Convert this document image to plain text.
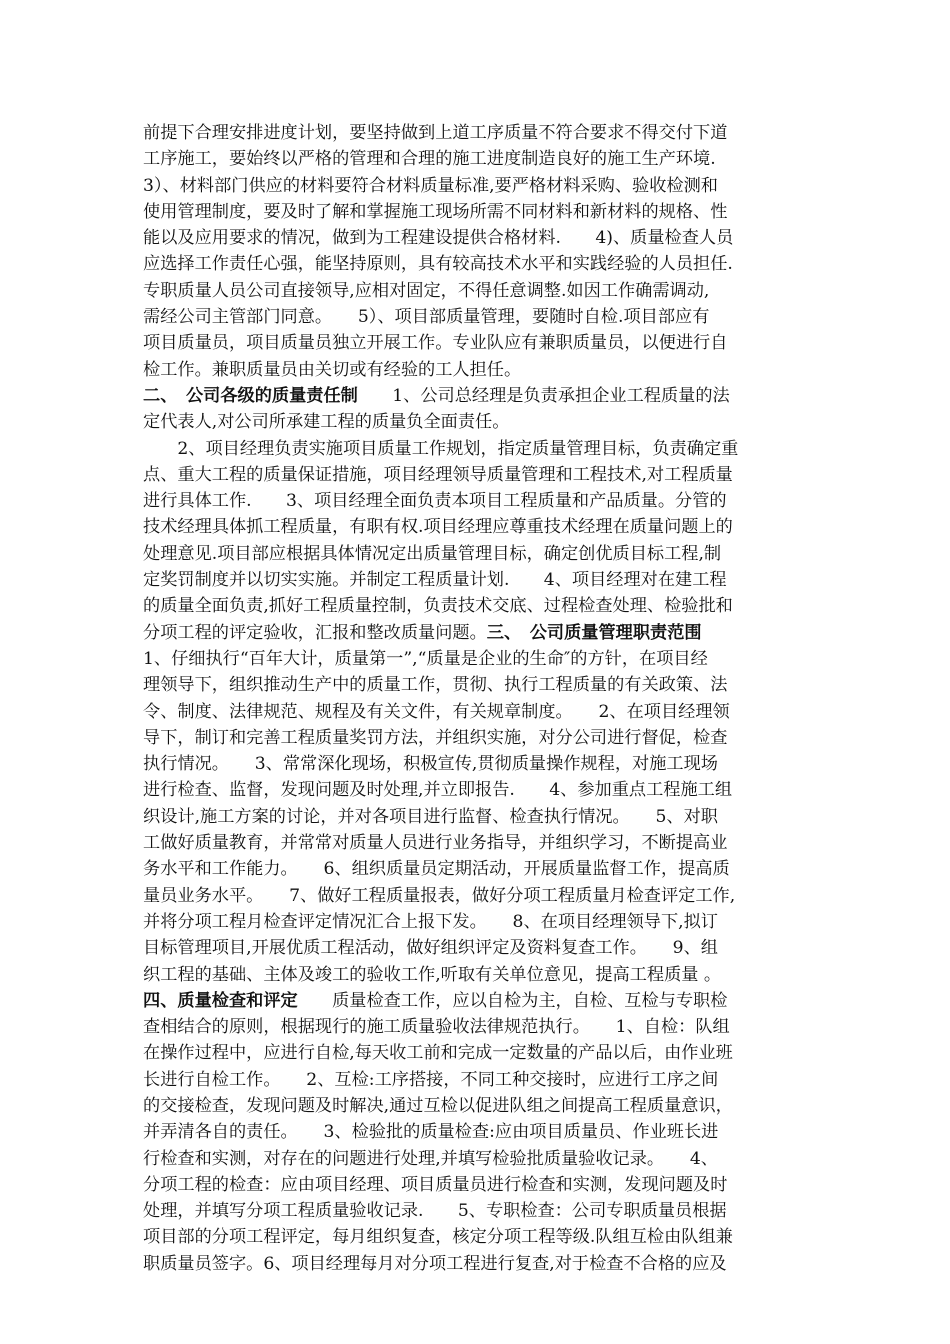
前提下合理安排进度计划，要坚持做到上道工序质量不符合要求不得交付下道
工序施工，要始终以严格的管理和合理的施工进度制造良好的施工生产环境.
3）、材料部门供应的材料要符合材料质量标准,要严格材料采购、验收检测和
使用管理制度，要及时了解和掌握施工现场所需不同材料和新材料的规格、性
能以及应用要求的情况，做到为工程建设提供合格材料.　　4)、质量检查人员
应选择工作责任心强，能坚持原则，具有较高技术水平和实践经验的人员担任.
专职质量人员公司直接领导,应相对固定，不得任意调整.如因工作确需调动,
需经公司主管部门同意。　　5）、项目部质量管理，要随时自检.项目部应有
项目质量员，项目质量员独立开展工作。专业队应有兼职质量员，以便进行自
检工作。兼职质量员由关切或有经验的工人担任。
二、　公司各级的质量责任制　　1、公司总经理是负责承担企业工程质量的法
定代表人,对公司所承建工程的质量负全面责任。
　　2、项目经理负责实施项目质量工作规划，指定质量管理目标，负责确定重
点、重大工程的质量保证措施，项目经理领导质量管理和工程技术,对工程质量
进行具体工作.　　3、项目经理全面负责本项目工程质量和产品质量。分管的
技术经理具体抓工程质量，有职有权.项目经理应尊重技术经理在质量问题上的
处理意见.项目部应根据具体情况定出质量管理目标，确定创优质目标工程,制
定奖罚制度并以切实实施。并制定工程质量计划.　　4、项目经理对在建工程
的质量全面负责,抓好工程质量控制，负责技术交底、过程检查处理、检验批和
分项工程的评定验收，汇报和整改质量问题。三、　公司质量管理职责范围
1、仔细执行“百年大计，质量第一”,“质量是企业的生命″的方针，在项目经
理领导下，组织推动生产中的质量工作，贯彻、执行工程质量的有关政策、法
令、制度、法律规范、规程及有关文件，有关规章制度。　　2、在项目经理领
导下，制订和完善工程质量奖罚方法，并组织实施，对分公司进行督促，检查
执行情况。　　3、常常深化现场，积极宣传,贯彻质量操作规程，对施工现场
进行检查、监督，发现问题及时处理,并立即报告.　　4、参加重点工程施工组
织设计,施工方案的讨论，并对各项目进行监督、检查执行情况。　　5、对职
工做好质量教育，并常常对质量人员进行业务指导，并组织学习，不断提高业
务水平和工作能力。　　6、组织质量员定期活动，开展质量监督工作，提高质
量员业务水平。　　7、做好工程质量报表，做好分项工程质量月检查评定工作,
并将分项工程月检查评定情况汇合上报下发。　　8、在项目经理领导下,拟订
目标管理项目,开展优质工程活动，做好组织评定及资料复查工作。　　9、组
织工程的基础、主体及竣工的验收工作,听取有关单位意见，提高工程质量 。
四、质量检查和评定　　质量检查工作，应以自检为主，自检、互检与专职检
查相结合的原则，根据现行的施工质量验收法律规范执行。　　1、自检：队组
在操作过程中，应进行自检,每天收工前和完成一定数量的产品以后，由作业班
长进行自检工作。　　2、互检:工序搭接，不同工种交接时，应进行工序之间
的交接检查，发现问题及时解决,通过互检以促进队组之间提高工程质量意识，
并弄清各自的责任。　　3、检验批的质量检查:应由项目质量员、作业班长进
行检查和实测，对存在的问题进行处理,并填写检验批质量验收记录。　　4、
分项工程的检查：应由项目经理、项目质量员进行检查和实测，发现问题及时
处理，并填写分项工程质量验收记录.　　5、专职检查：公司专职质量员根据
项目部的分项工程评定，每月组织复查，核定分项工程等级.队组互检由队组兼
职质量员签字。6、项目经理每月对分项工程进行复查,对于检查不合格的应及
